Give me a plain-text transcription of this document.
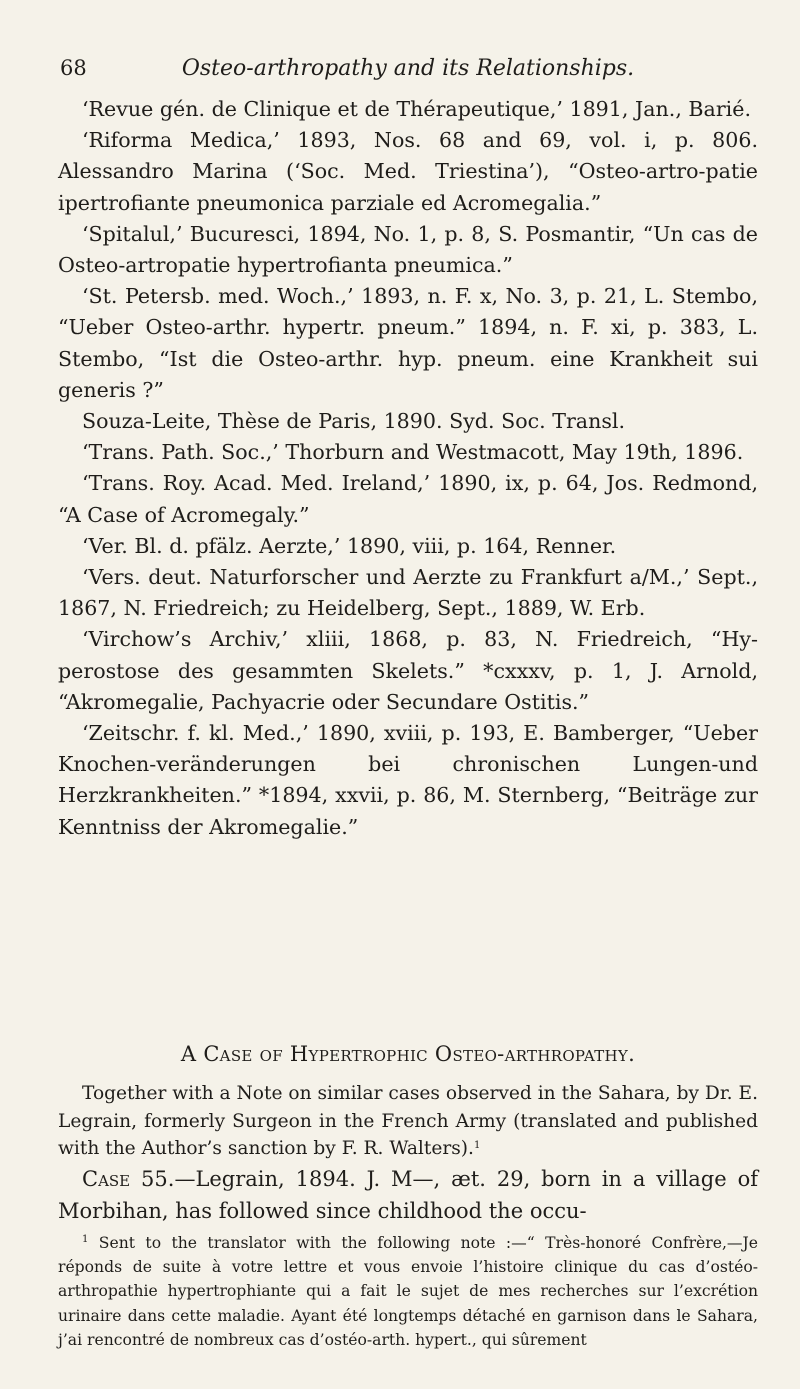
68	Osteo-arthropathy and its Relationships.

‘Revue gén. de Clinique et de Thérapeutique,’ 1891, Jan., Barié.

‘Riforma Medica,’ 1893, Nos. 68 and 69, vol. i, p. 806. Alessandro Marina (‘Soc. Med. Triestina’), “Osteo-artro-patie ipertrofiante pneumonica parziale ed Acromegalia.”

‘Spitalul,’ Bucuresci, 1894, No. 1, p. 8, S. Posmantir, “Un cas de Osteo-artropatie hypertrofianta pneumica.”

‘St. Petersb. med. Woch.,’ 1893, n. F. x, No. 3, p. 21, L. Stembo, “Ueber Osteo-arthr. hypertr. pneum.” 1894, n. F. xi, p. 383, L. Stembo, “Ist die Osteo-arthr. hyp. pneum. eine Krankheit sui generis ?”

Souza-Leite, Thèse de Paris, 1890. Syd. Soc. Transl.

‘Trans. Path. Soc.,’ Thorburn and Westmacott, May 19th, 1896.

‘Trans. Roy. Acad. Med. Ireland,’ 1890, ix, p. 64, Jos. Redmond, “A Case of Acromegaly.”

‘Ver. Bl. d. pfälz. Aerzte,’ 1890, viii, p. 164, Renner.

‘Vers. deut. Naturforscher und Aerzte zu Frankfurt a/M.,’ Sept., 1867, N. Friedreich; zu Heidelberg, Sept., 1889, W. Erb.

‘Virchow’s Archiv,’ xliii, 1868, p. 83, N. Friedreich, “Hy-perostose des gesammten Skelets.” *cxxxv, p. 1, J. Arnold, “Akromegalie, Pachyacrie oder Secundare Ostitis.”

‘Zeitschr. f. kl. Med.,’ 1890, xviii, p. 193, E. Bamberger, “Ueber Knochen-veränderungen bei chronischen Lungen-und Herzkrankheiten.” *1894, xxvii, p. 86, M. Sternberg, “Beiträge zur Kenntniss der Akromegalie.”

A Case of Hypertrophic Osteo-arthropathy.

Together with a Note on similar cases observed in the Sahara, by Dr. E. Legrain, formerly Surgeon in the French Army (translated and published with the Author’s sanction by F. R. Walters).$^1$

Case 55.—Legrain, 1894. J. M—, æt. 29, born in a village of Morbihan, has followed since childhood the occu-

$^1$ Sent to the translator with the following note :—“ Très-honoré Confrère,—Je réponds de suite à votre lettre et vous envoie l’histoire clinique du cas d’ostéo-arthropathie hypertrophiante qui a fait le sujet de mes recherches sur l’excrétion urinaire dans cette maladie. Ayant été longtemps détaché en garnison dans le Sahara, j’ai rencontré de nombreux cas d’ostéo-arth. hypert., qui sûrement
